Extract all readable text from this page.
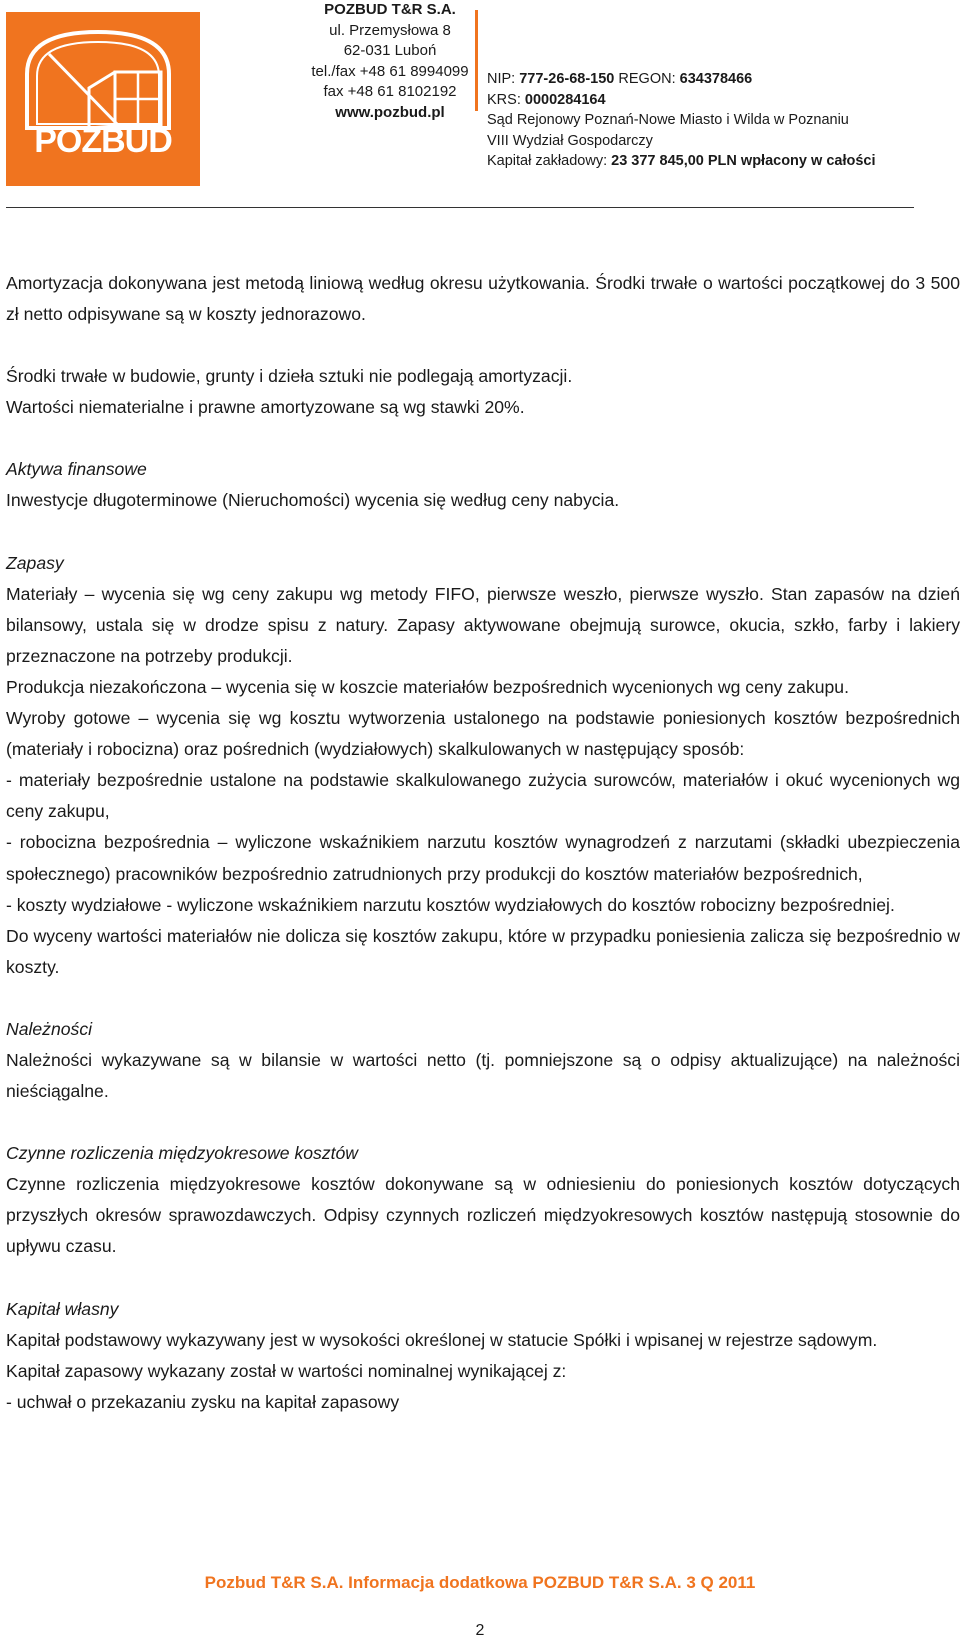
POZBUD
POZBUD T&R S.A.
ul. Przemysłowa 8
62-031 Luboń
tel./fax +48 61 8994099
fax +48 61 8102192
www.pozbud.pl
NIP: 777-26-68-150 REGON: 634378466
KRS: 0000284164
Sąd Rejonowy Poznań-Nowe Miasto i Wilda w Poznaniu
VIII Wydział Gospodarczy
Kapitał zakładowy: 23 377 845,00 PLN wpłacony w całości

Amortyzacja dokonywana jest metodą liniową według okresu użytkowania. Środki trwałe o wartości początkowej do 3 500 zł netto odpisywane są w koszty jednorazowo.

Środki trwałe w budowie, grunty i dzieła sztuki nie podlegają amortyzacji.

Wartości niematerialne i prawne amortyzowane są wg stawki 20%.

Aktywa finansowe

Inwestycje długoterminowe (Nieruchomości) wycenia się według ceny nabycia.

Zapasy

Materiały – wycenia się wg ceny zakupu wg metody FIFO, pierwsze weszło, pierwsze wyszło. Stan zapasów na dzień bilansowy, ustala się w drodze spisu z natury. Zapasy aktywowane obejmują surowce, okucia, szkło, farby i lakiery przeznaczone na potrzeby produkcji.

Produkcja niezakończona – wycenia się w koszcie materiałów bezpośrednich wycenionych wg ceny zakupu.

Wyroby gotowe – wycenia się wg kosztu wytworzenia ustalonego na podstawie poniesionych kosztów bezpośrednich (materiały i robocizna) oraz pośrednich (wydziałowych) skalkulowanych w następujący sposób:

- materiały bezpośrednie ustalone na podstawie skalkulowanego zużycia surowców, materiałów i okuć wycenionych wg ceny zakupu,

- robocizna bezpośrednia – wyliczone wskaźnikiem narzutu kosztów wynagrodzeń z narzutami (składki ubezpieczenia społecznego) pracowników bezpośrednio zatrudnionych przy produkcji do kosztów materiałów bezpośrednich,

- koszty wydziałowe - wyliczone wskaźnikiem narzutu kosztów wydziałowych do kosztów robocizny bezpośredniej.

Do wyceny wartości materiałów nie dolicza się kosztów zakupu, które w przypadku poniesienia zalicza się bezpośrednio w koszty.

Należności

Należności wykazywane są w bilansie w wartości netto (tj. pomniejszone są o odpisy aktualizujące) na należności nieściągalne.

Czynne rozliczenia międzyokresowe kosztów

Czynne rozliczenia międzyokresowe kosztów dokonywane są w odniesieniu do poniesionych kosztów dotyczących przyszłych okresów sprawozdawczych. Odpisy czynnych rozliczeń międzyokresowych kosztów następują stosownie do upływu czasu.

Kapitał własny

Kapitał podstawowy wykazywany jest w wysokości określonej w statucie Spółki i wpisanej w rejestrze sądowym.

Kapitał zapasowy wykazany został w wartości nominalnej wynikającej z:

- uchwał o przekazaniu zysku na kapitał zapasowy

Pozbud T&R S.A. Informacja dodatkowa POZBUD T&R S.A. 3 Q 2011
2
